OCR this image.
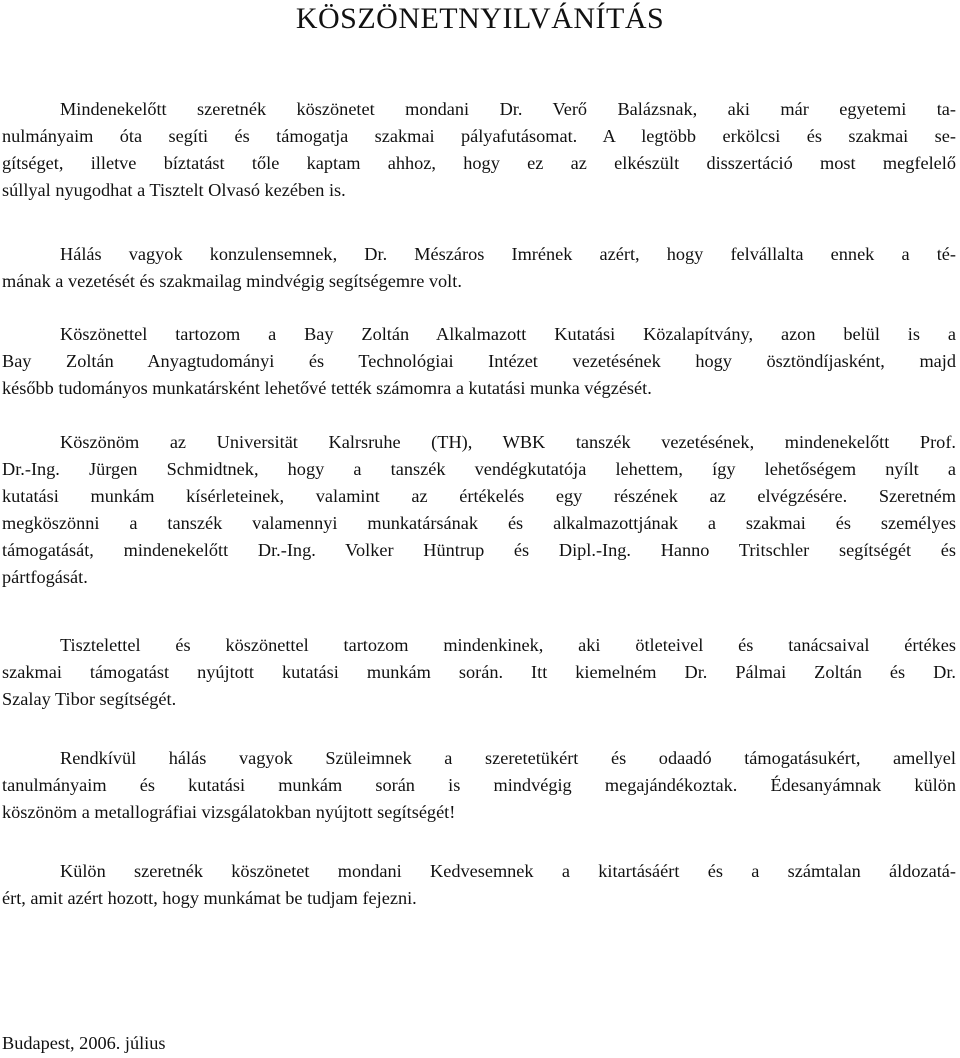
KÖSZÖNETNYILVÁNÍTÁS

Mindenekelőtt szeretnék köszönetet mondani Dr. Verő Balázsnak, aki már egyetemi ta-
nulmányaim óta segíti és támogatja szakmai pályafutásomat. A legtöbb erkölcsi és szakmai se-
gítséget, illetve bíztatást tőle kaptam ahhoz, hogy ez az elkészült disszertáció most megfelelő
súllyal nyugodhat a Tisztelt Olvasó kezében is.

Hálás vagyok konzulensemnek, Dr. Mészáros Imrének azért, hogy felvállalta ennek a té-
mának a vezetését és szakmailag mindvégig segítségemre volt.

Köszönettel tartozom a Bay Zoltán Alkalmazott Kutatási Közalapítvány, azon belül is a
Bay Zoltán Anyagtudományi és Technológiai Intézet vezetésének hogy ösztöndíjasként, majd
később tudományos munkatársként lehetővé tették számomra a kutatási munka végzését.

Köszönöm az Universität Kalrsruhe (TH), WBK tanszék vezetésének, mindenekelőtt Prof.
Dr.-Ing. Jürgen Schmidtnek, hogy a tanszék vendégkutatója lehettem, így lehetőségem nyílt a
kutatási munkám kísérleteinek, valamint az értékelés egy részének az elvégzésére. Szeretném
megköszönni a tanszék valamennyi munkatársának és alkalmazottjának a szakmai és személyes
támogatását, mindenekelőtt Dr.-Ing. Volker Hüntrup és Dipl.-Ing. Hanno Tritschler segítségét és
pártfogását.

Tisztelettel és köszönettel tartozom mindenkinek, aki ötleteivel és tanácsaival értékes
szakmai támogatást nyújtott kutatási munkám során. Itt kiemelném Dr. Pálmai Zoltán és Dr.
Szalay Tibor segítségét.

Rendkívül hálás vagyok Szüleimnek a szeretetükért és odaadó támogatásukért, amellyel
tanulmányaim és kutatási munkám során is mindvégig megajándékoztak. Édesanyámnak külön
köszönöm a metallográfiai vizsgálatokban nyújtott segítségét!

Külön szeretnék köszönetet mondani Kedvesemnek a kitartásáért és a számtalan áldozatá-
ért, amit azért hozott, hogy munkámat be tudjam fejezni.

Budapest, 2006. július
